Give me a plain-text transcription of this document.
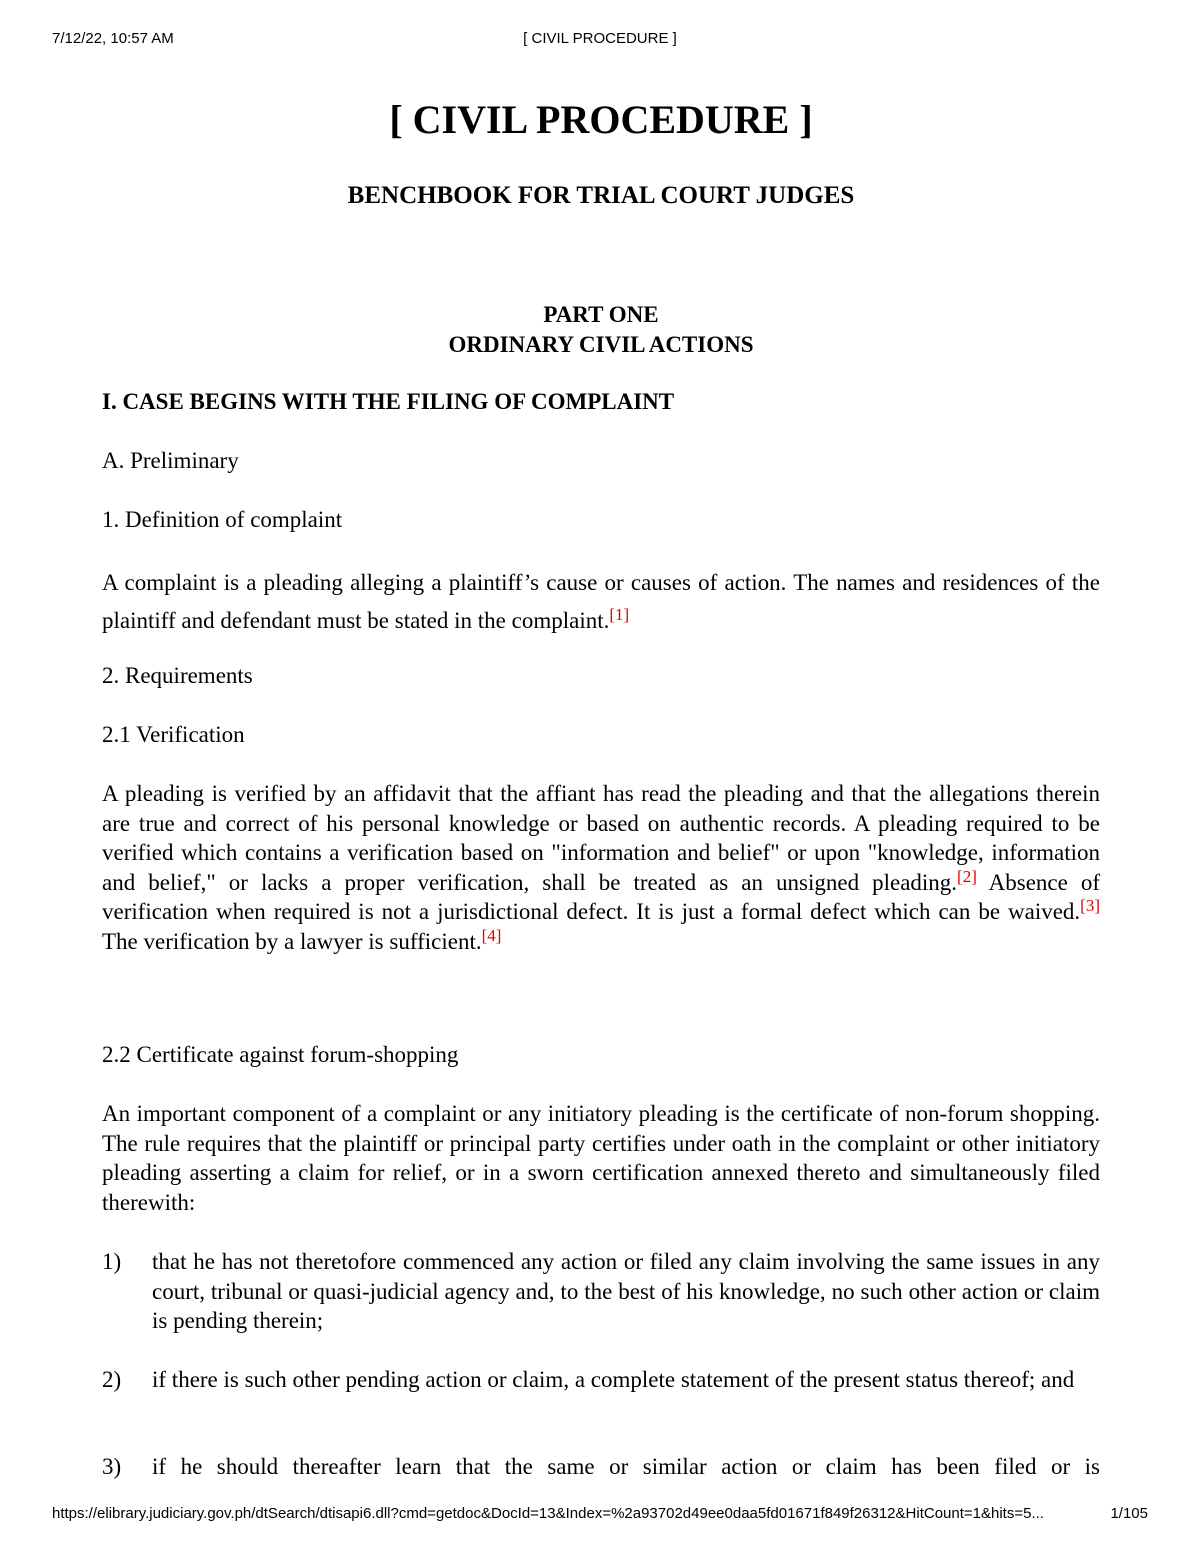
7/12/22, 10:57 AM	[ CIVIL PROCEDURE ]
[ CIVIL PROCEDURE ]
BENCHBOOK FOR TRIAL COURT JUDGES
PART ONE
ORDINARY CIVIL ACTIONS
I. CASE BEGINS WITH THE FILING OF COMPLAINT
A. Preliminary
1. Definition of complaint
A complaint is a pleading alleging a plaintiff’s cause or causes of action. The names and residences of the plaintiff and defendant must be stated in the complaint.[1]
2. Requirements
2.1 Verification
A pleading is verified by an affidavit that the affiant has read the pleading and that the allegations therein are true and correct of his personal knowledge or based on authentic records. A pleading required to be verified which contains a verification based on "information and belief" or upon "knowledge, information and belief," or lacks a proper verification, shall be treated as an unsigned pleading.[2] Absence of verification when required is not a jurisdictional defect. It is just a formal defect which can be waived.[3] The verification by a lawyer is sufficient.[4]
2.2 Certificate against forum-shopping
An important component of a complaint or any initiatory pleading is the certificate of non-forum shopping. The rule requires that the plaintiff or principal party certifies under oath in the complaint or other initiatory pleading asserting a claim for relief, or in a sworn certification annexed thereto and simultaneously filed therewith:
1) that he has not theretofore commenced any action or filed any claim involving the same issues in any court, tribunal or quasi-judicial agency and, to the best of his knowledge, no such other action or claim is pending therein;
2) if there is such other pending action or claim, a complete statement of the present status thereof; and
3) if he should thereafter learn that the same or similar action or claim has been filed or is
https://elibrary.judiciary.gov.ph/dtSearch/dtisapi6.dll?cmd=getdoc&DocId=13&Index=%2a93702d49ee0daa5fd01671f849f26312&HitCount=1&hits=5...	1/105
